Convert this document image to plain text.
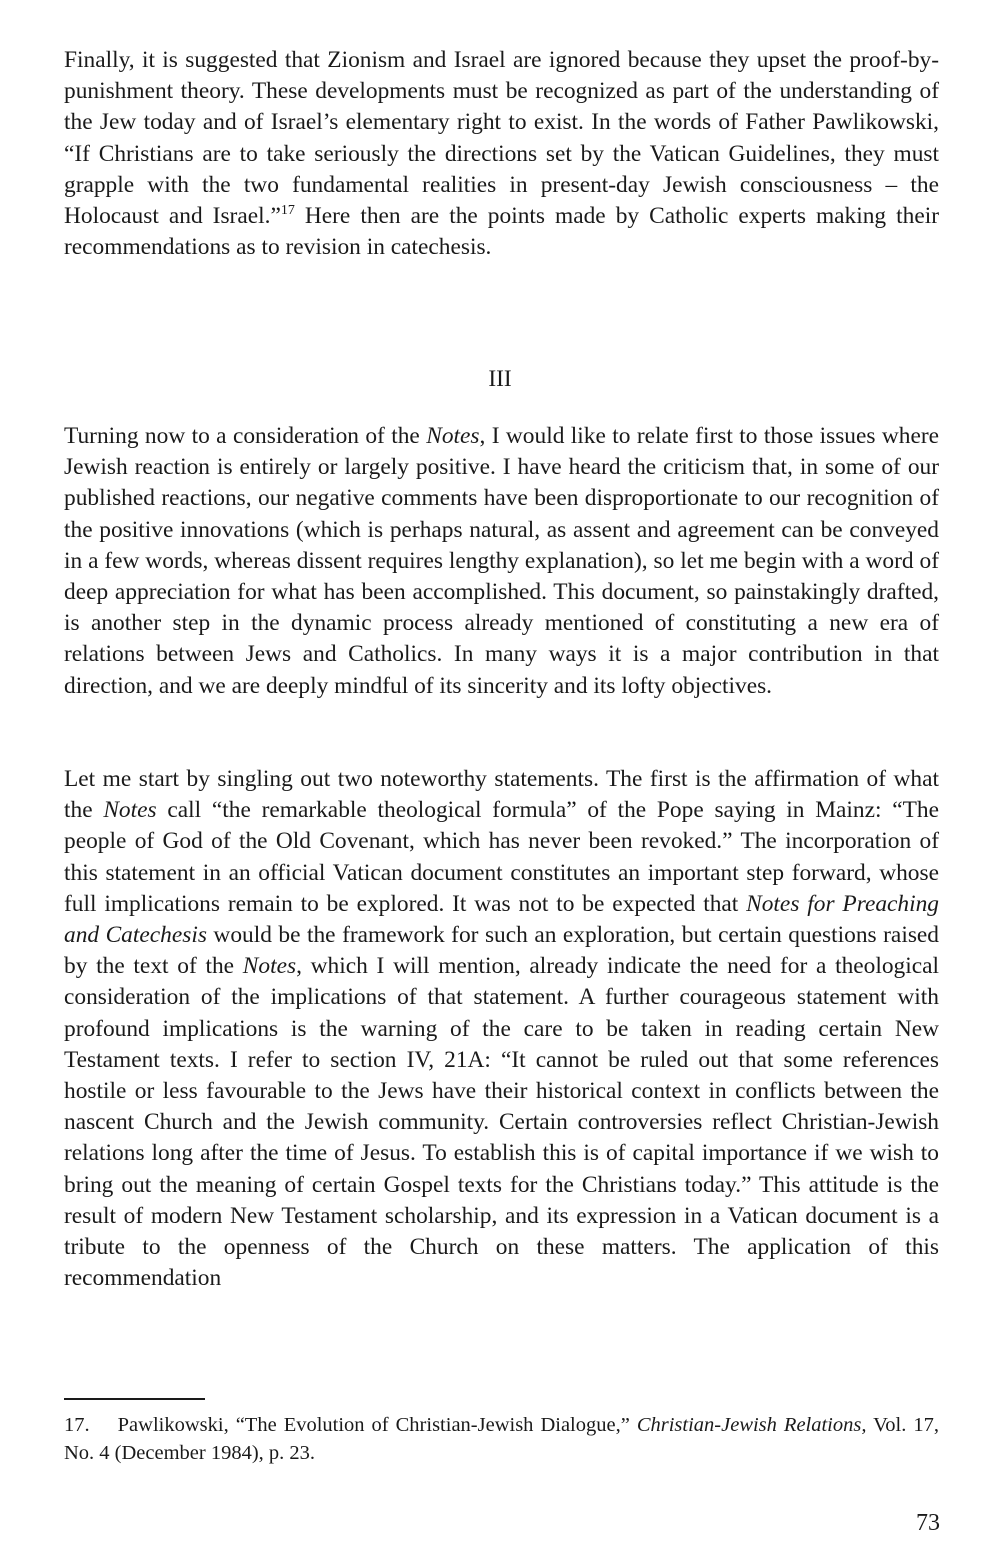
Finally, it is suggested that Zionism and Israel are ignored because they upset the proof-by-punishment theory. These developments must be recognized as part of the understanding of the Jew today and of Israel’s elementary right to exist. In the words of Father Pawlikowski, “If Christians are to take seriously the directions set by the Vatican Guidelines, they must grapple with the two fundamental realities in present-day Jewish consciousness – the Holocaust and Israel.”$^{17}$ Here then are the points made by Catholic experts making their recommendations as to revision in catechesis.

III

Turning now to a consideration of the Notes, I would like to relate first to those issues where Jewish reaction is entirely or largely positive. I have heard the criticism that, in some of our published reactions, our negative comments have been disproportionate to our recognition of the positive innovations (which is perhaps natural, as assent and agreement can be conveyed in a few words, whereas dissent requires lengthy explanation), so let me begin with a word of deep appreciation for what has been accomplished. This document, so painstakingly drafted, is another step in the dynamic process already mentioned of constituting a new era of relations between Jews and Catholics. In many ways it is a major contribution in that direction, and we are deeply mindful of its sincerity and its lofty objectives.

Let me start by singling out two noteworthy statements. The first is the affirmation of what the Notes call “the remarkable theological formula” of the Pope saying in Mainz: “The people of God of the Old Covenant, which has never been revoked.” The incorporation of this statement in an official Vatican document constitutes an important step forward, whose full implications remain to be explored. It was not to be expected that Notes for Preaching and Catechesis would be the framework for such an exploration, but certain questions raised by the text of the Notes, which I will mention, already indicate the need for a theological consideration of the implications of that statement. A further courageous statement with profound implications is the warning of the care to be taken in reading certain New Testament texts. I refer to section IV, 21A: “It cannot be ruled out that some references hostile or less favourable to the Jews have their historical context in conflicts between the nascent Church and the Jewish community. Certain controversies reflect Christian-Jewish relations long after the time of Jesus. To establish this is of capital importance if we wish to bring out the meaning of certain Gospel texts for the Christians today.” This attitude is the result of modern New Testament scholarship, and its expression in a Vatican document is a tribute to the openness of the Church on these matters. The application of this recommendation

17. Pawlikowski, “The Evolution of Christian-Jewish Dialogue,” Christian-Jewish Relations, Vol. 17, No. 4 (December 1984), p. 23.
73
